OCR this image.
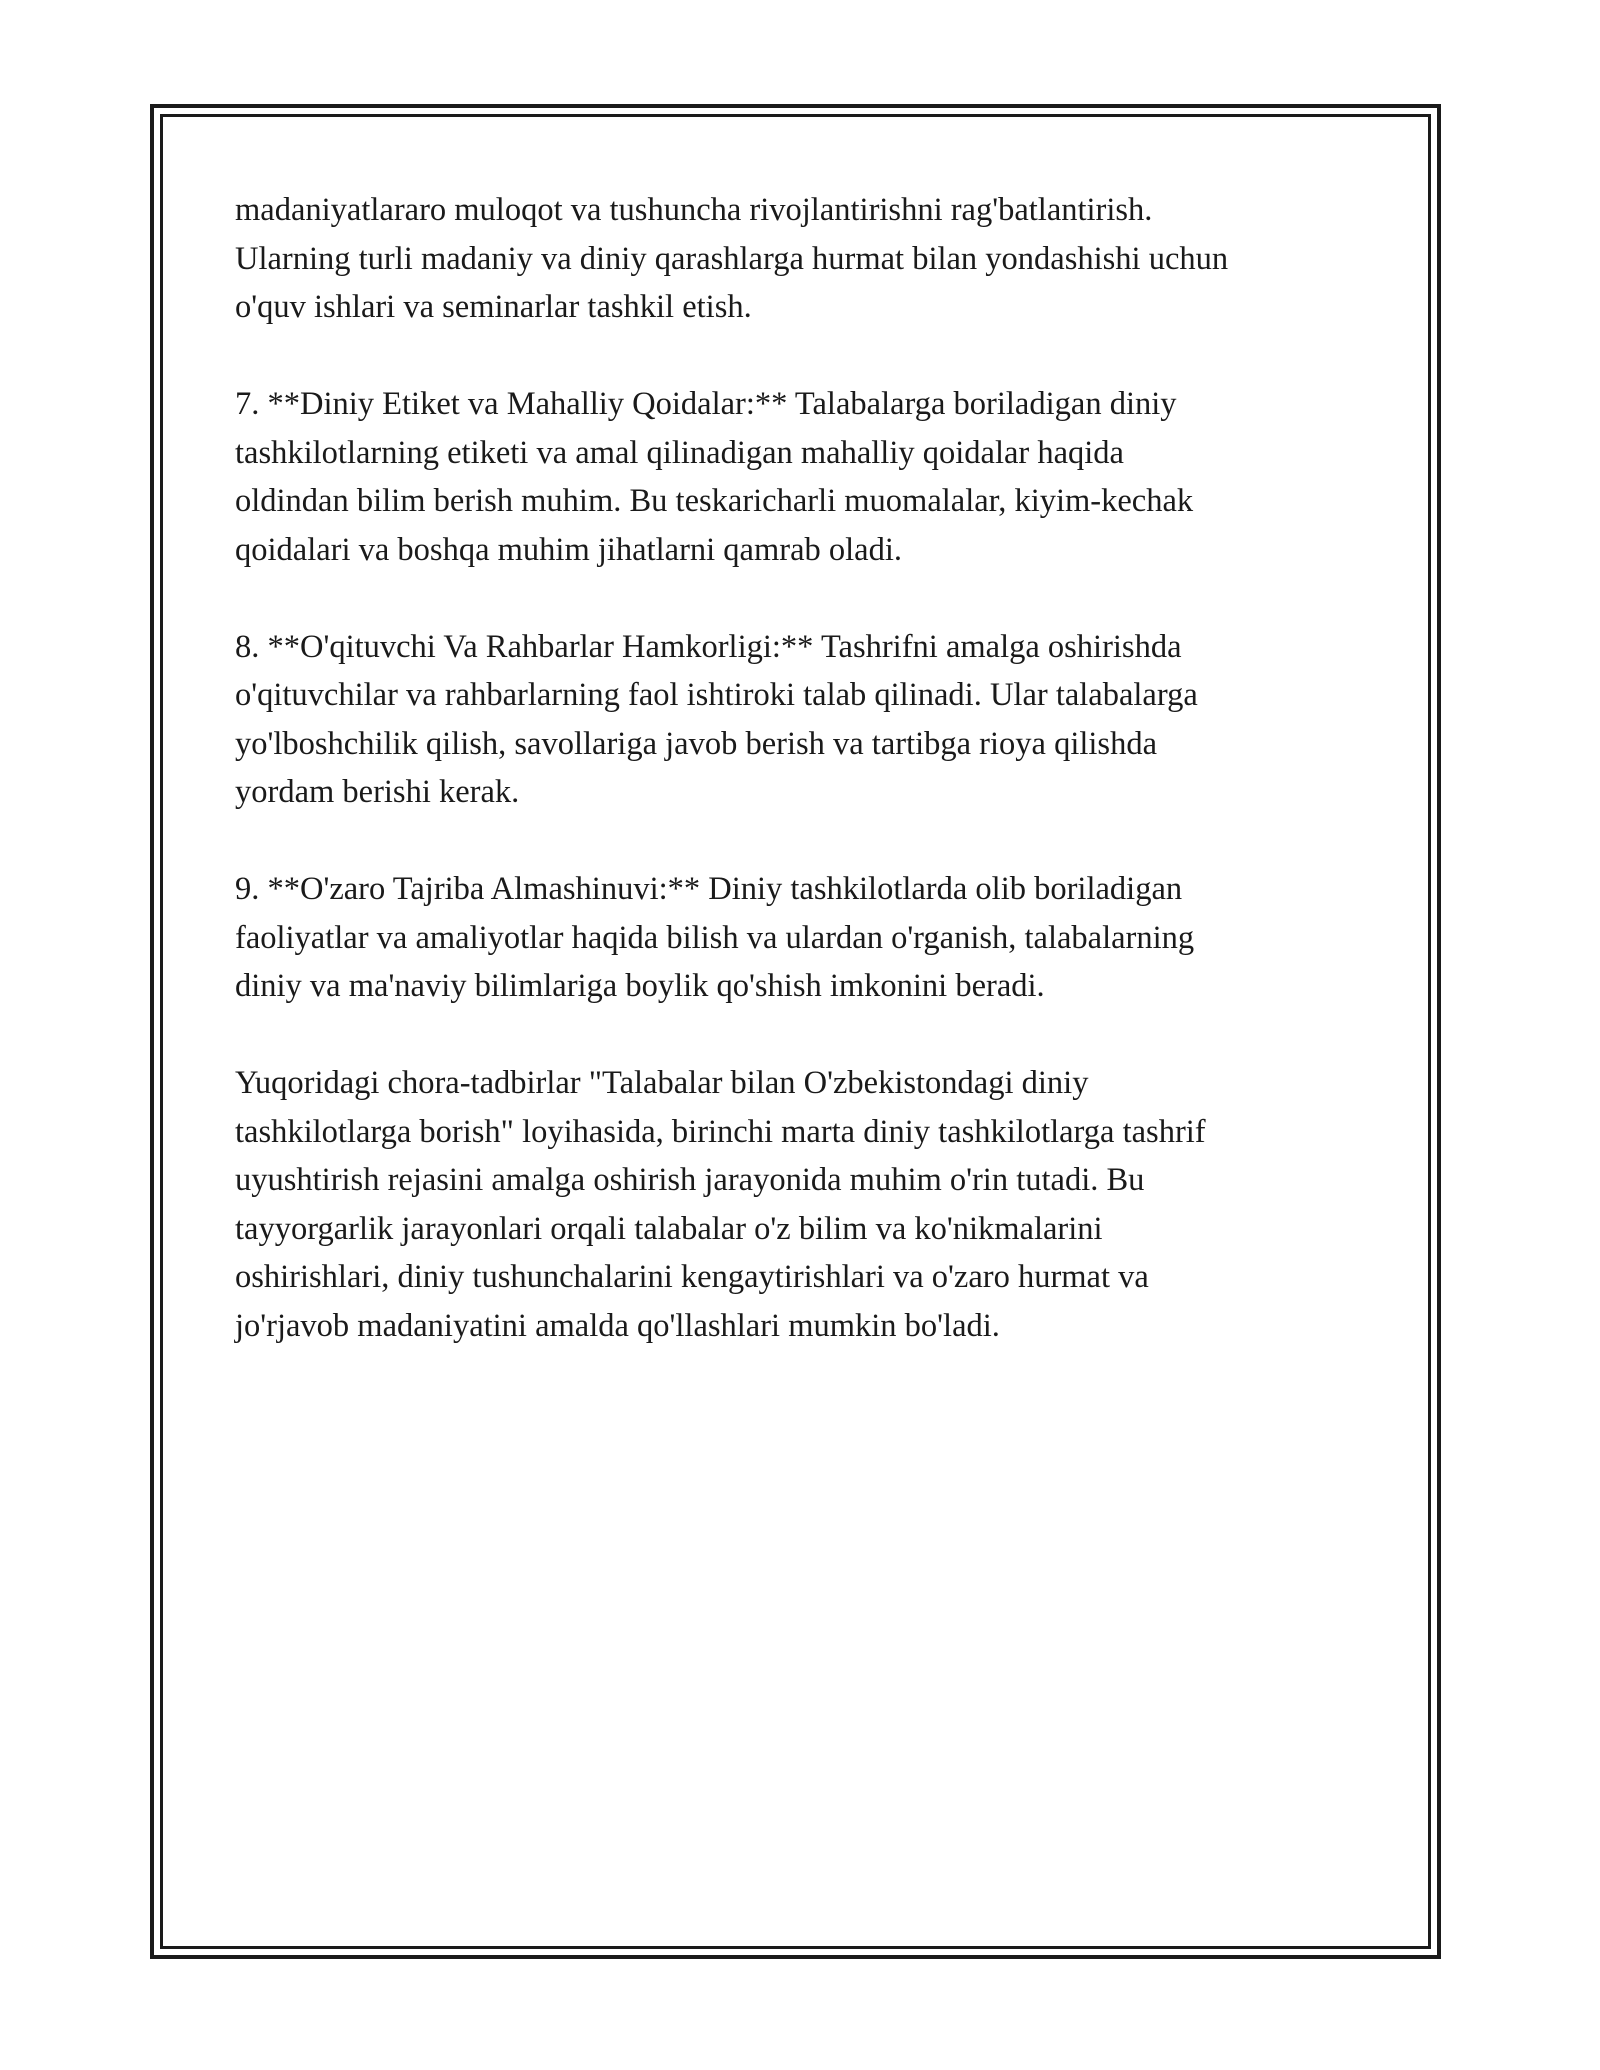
madaniyatlararo muloqot va tushuncha rivojlantirishni rag'batlantirish.
Ularning turli madaniy va diniy qarashlarga hurmat bilan yondashishi uchun
o'quv ishlari va seminarlar tashkil etish.

7. **Diniy Etiket va Mahalliy Qoidalar:** Talabalarga boriladigan diniy
tashkilotlarning etiketi va amal qilinadigan mahalliy qoidalar haqida
oldindan bilim berish muhim. Bu teskaricharli muomalalar, kiyim-kechak
qoidalari va boshqa muhim jihatlarni qamrab oladi.

8. **O'qituvchi Va Rahbarlar Hamkorligi:** Tashrifni amalga oshirishda
o'qituvchilar va rahbarlarning faol ishtiroki talab qilinadi. Ular talabalarga
yo'lboshchilik qilish, savollariga javob berish va tartibga rioya qilishda
yordam berishi kerak.

9. **O'zaro Tajriba Almashinuvi:** Diniy tashkilotlarda olib boriladigan
faoliyatlar va amaliyotlar haqida bilish va ulardan o'rganish, talabalarning
diniy va ma'naviy bilimlariga boylik qo'shish imkonini beradi.

Yuqoridagi chora-tadbirlar "Talabalar bilan O'zbekistondagi diniy
tashkilotlarga borish" loyihasida, birinchi marta diniy tashkilotlarga tashrif
uyushtirish rejasini amalga oshirish jarayonida muhim o'rin tutadi. Bu
tayyorgarlik jarayonlari orqali talabalar o'z bilim va ko'nikmalarini
oshirishlari, diniy tushunchalarini kengaytirishlari va o'zaro hurmat va
jo'rjavob madaniyatini amalda qo'llashlari mumkin bo'ladi.
